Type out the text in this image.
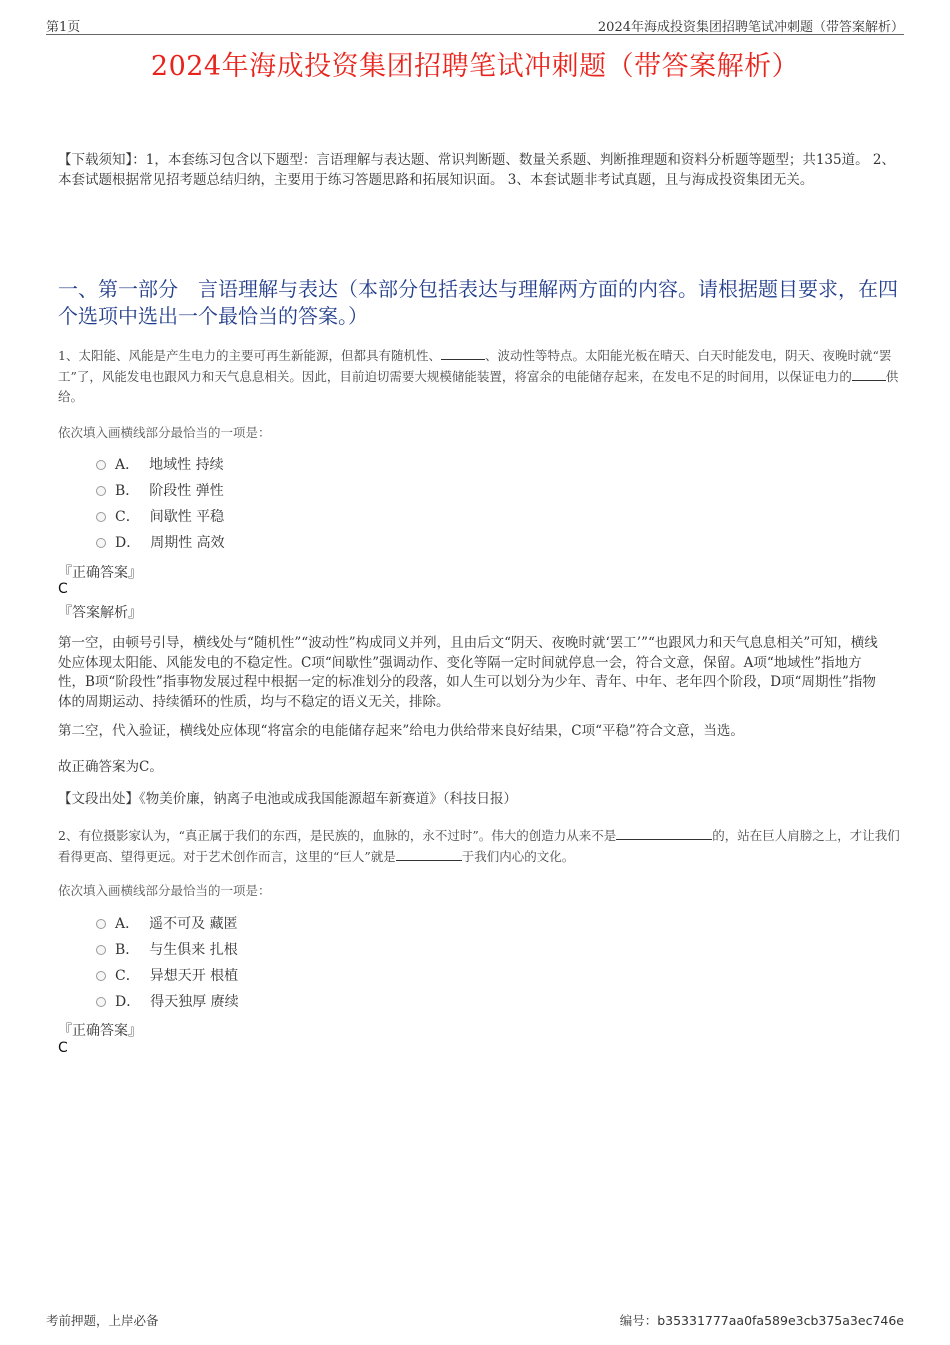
第1页	2024年海成投资集团招聘笔试冲刺题（带答案解析）
2024年海成投资集团招聘笔试冲刺题（带答案解析）
【下载须知】：1，本套练习包含以下题型：言语理解与表达题、常识判断题、数量关系题、判断推理题和资料分析题等题型；共135道。 2、本套试题根据常见招考题总结归纳，主要用于练习答题思路和拓展知识面。 3、本套试题非考试真题，且与海成投资集团无关。
一、第一部分　言语理解与表达（本部分包括表达与理解两方面的内容。请根据题目要求，在四个选项中选出一个最恰当的答案。）
1、太阳能、风能是产生电力的主要可再生新能源，但都具有随机性、	、波动性等特点。太阳能光板在晴天、白天时能发电，阴天、夜晚时就“罢工”了，风能发电也跟风力和天气息息相关。因此，目前迫切需要大规模储能装置，将富余的电能储存起来，在发电不足的时间用，以保证电力的	供给。
依次填入画横线部分最恰当的一项是：
A． 地域性 持续
B． 阶段性 弹性
C． 间歇性 平稳
D． 周期性 高效
『正确答案』
C
『答案解析』
第一空，由顿号引导，横线处与“随机性”“波动性”构成同义并列，且由后文“阴天、夜晚时就‘罢工’”“也跟风力和天气息息相关”可知，横线处应体现太阳能、风能发电的不稳定性。C项“间歇性”强调动作、变化等隔一定时间就停息一会，符合文意，保留。A项“地域性”指地方性，B项“阶段性”指事物发展过程中根据一定的标准划分的段落，如人生可以划分为少年、青年、中年、老年四个阶段，D项“周期性”指物体的周期运动、持续循环的性质，均与不稳定的语义无关，排除。
第二空，代入验证，横线处应体现“将富余的电能储存起来”给电力供给带来良好结果，C项“平稳”符合文意，当选。
故正确答案为C。
【文段出处】《物美价廉，钠离子电池或成我国能源超车新赛道》（科技日报）
2、有位摄影家认为，“真正属于我们的东西，是民族的，血脉的，永不过时”。伟大的创造力从来不是	的，站在巨人肩膀之上，才让我们看得更高、望得更远。对于艺术创作而言，这里的“巨人”就是	于我们内心的文化。
依次填入画横线部分最恰当的一项是：
A． 遥不可及 藏匿
B． 与生俱来 扎根
C． 异想天开 根植
D． 得天独厚 赓续
『正确答案』
C
考前押题，上岸必备	编号：b35331777aa0fa589e3cb375a3ec746e
